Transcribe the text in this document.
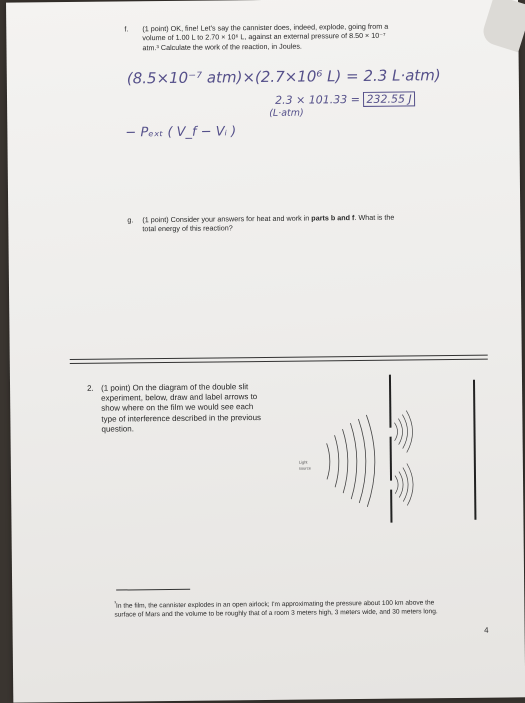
f. (1 point) OK, fine! Let's say the cannister does, indeed, explode, going from a
volume of 1.00 L to 2.70 × 10⁶ L, against an external pressure of 8.50 × 10⁻⁷
atm.³ Calculate the work of the reaction, in Joules.
(8.5×10⁻⁷ atm)×(2.7×10⁶ L) = 2.3 L·atm)
2.3 × 101.33 = 232.55 J
(L·atm)
− Pₑₓₜ ( V_f − Vᵢ )
g. (1 point) Consider your answers for heat and work in parts b and f. What is the
total energy of this reaction?
2. (1 point) On the diagram of the double slit
experiment, below, draw and label arrows to
show where on the film we would see each
type of interference described in the previous
question.
Light
source
$^{^3}$In the film, the cannister explodes in an open airlock; I'm approximating the pressure about 100 km above the
surface of Mars and the volume to be roughly that of a room 3 meters high, 3 meters wide, and 30 meters long.
4
